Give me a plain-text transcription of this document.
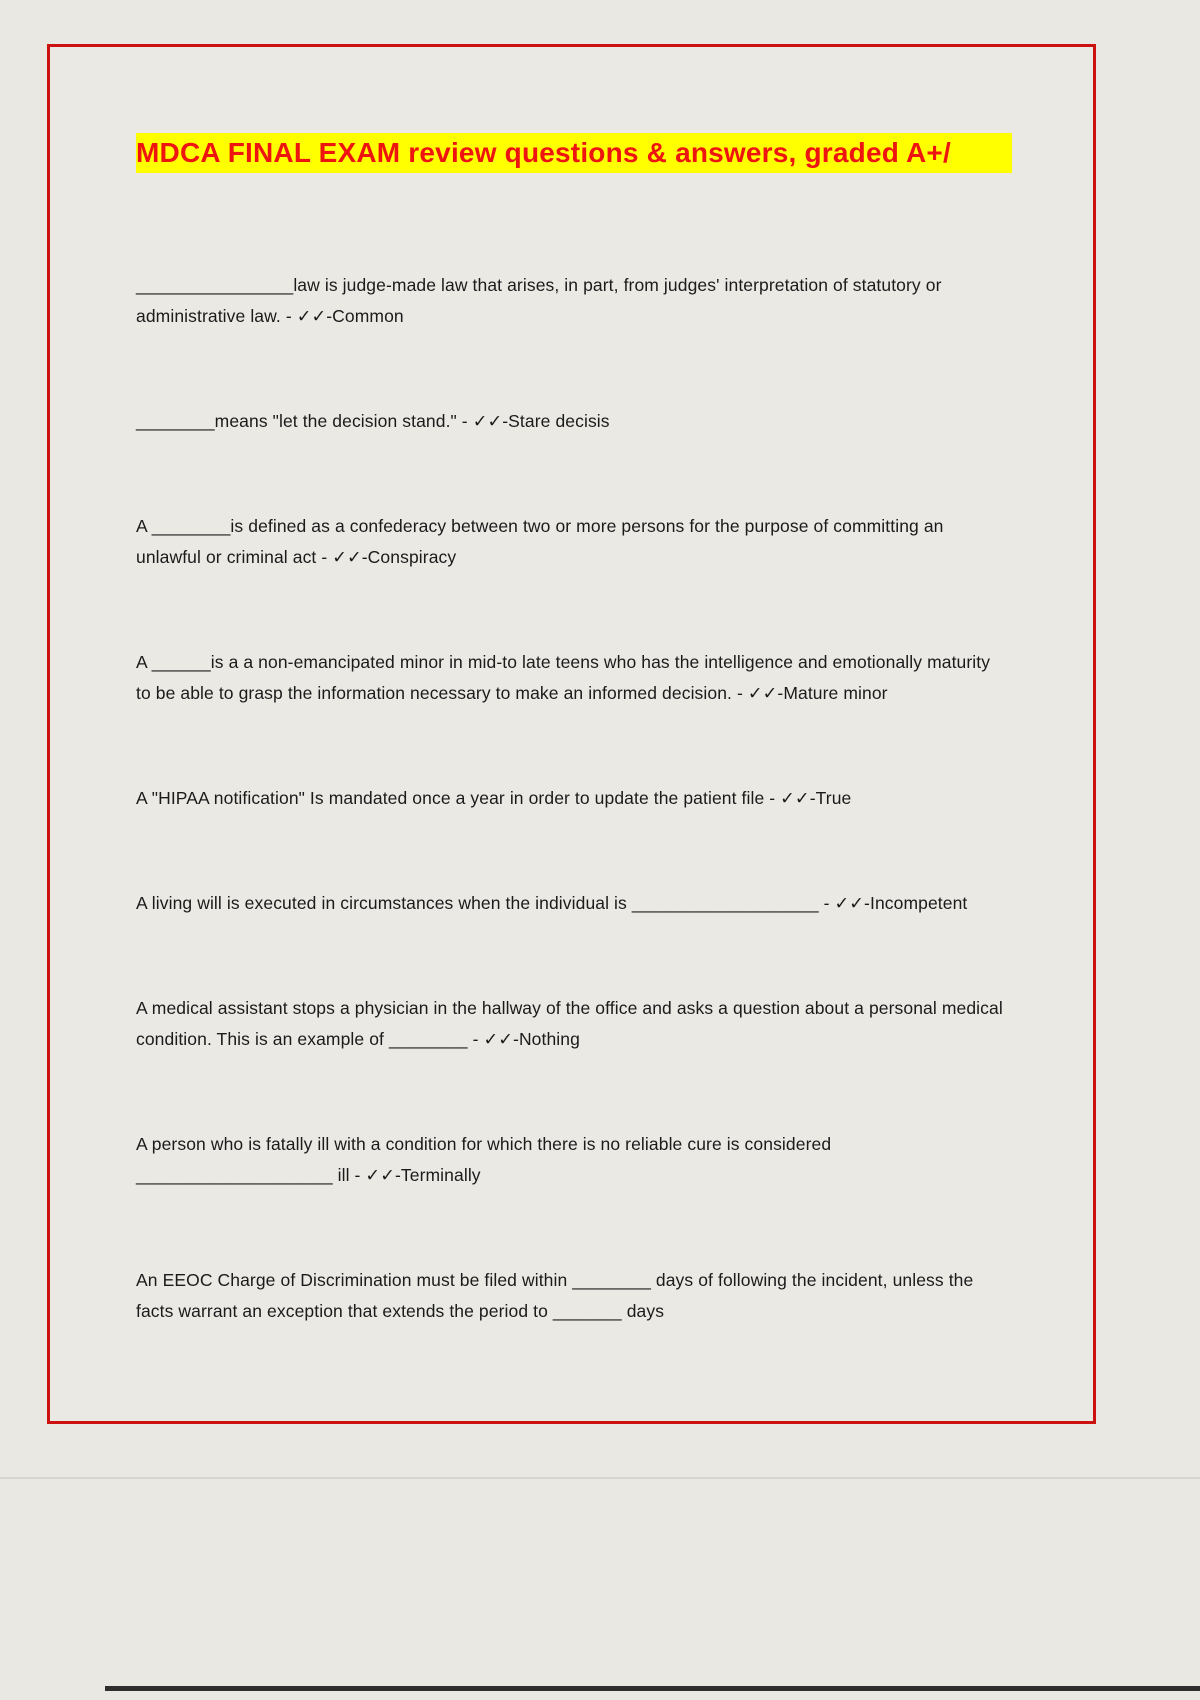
MDCA FINAL EXAM review questions & answers, graded A+/
________________law is judge-made law that arises, in part, from judges' interpretation of statutory or administrative law. - ✓✓-Common
________means "let the decision stand." - ✓✓-Stare decisis
A ________is defined as a confederacy between two or more persons for the purpose of committing an unlawful or criminal act - ✓✓-Conspiracy
A ______is a a non-emancipated minor in mid-to late teens who has the intelligence and emotionally maturity to be able to grasp the information necessary to make an informed decision. - ✓✓-Mature minor
A "HIPAA notification" Is mandated once a year in order to update the patient file - ✓✓-True
A living will is executed in circumstances when the individual is ___________________ - ✓✓-Incompetent
A medical assistant stops a physician in the hallway of the office and asks a question about a personal medical condition. This is an example of ________ - ✓✓-Nothing
A person who is fatally ill with a condition for which there is no reliable cure is considered ____________________ ill - ✓✓-Terminally
An EEOC Charge of Discrimination must be filed within ________ days of following the incident, unless the facts warrant an exception that extends the period to _______ days
